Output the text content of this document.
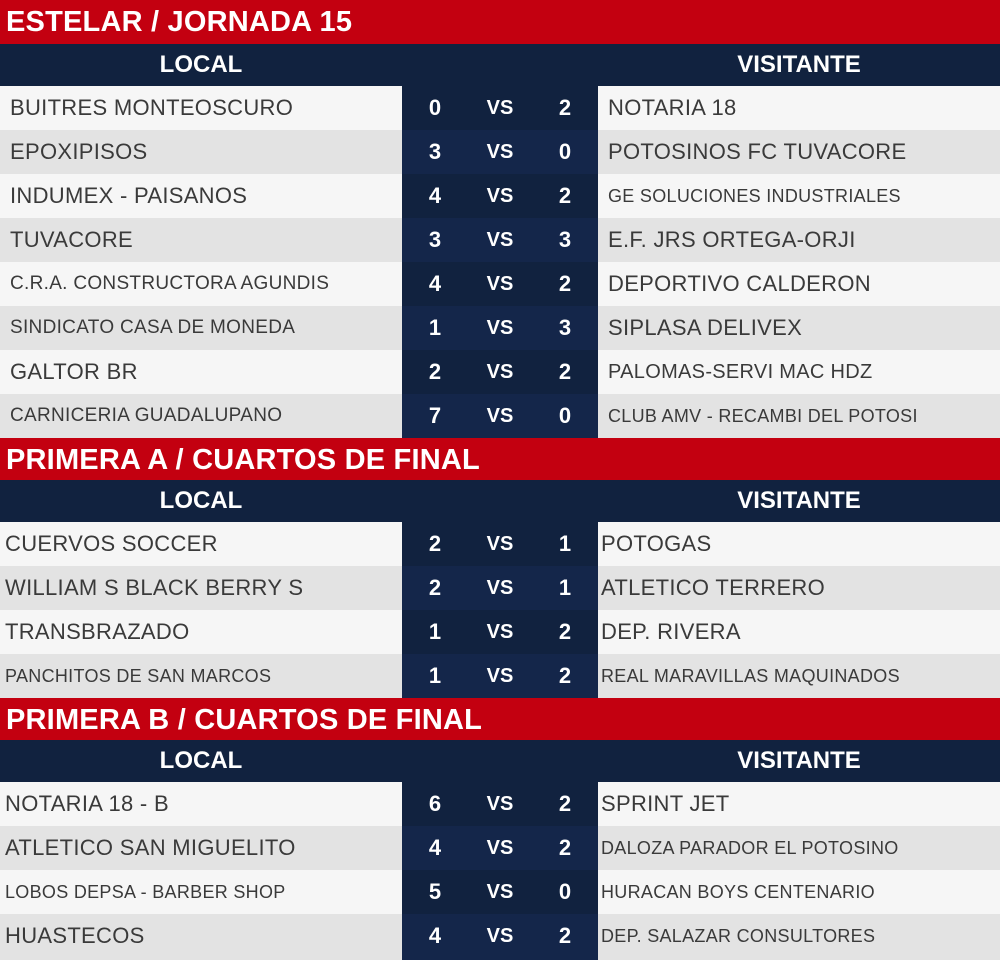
ESTELAR / JORNADA 15
LOCAL	VISITANTE
BUITRES MONTEOSCURO	0	VS	2	NOTARIA 18
EPOXIPISOS	3	VS	0	POTOSINOS FC TUVACORE
INDUMEX - PAISANOS	4	VS	2	GE SOLUCIONES INDUSTRIALES
TUVACORE	3	VS	3	E.F. JRS ORTEGA-ORJI
C.R.A. CONSTRUCTORA AGUNDIS	4	VS	2	DEPORTIVO CALDERON
SINDICATO CASA DE MONEDA	1	VS	3	SIPLASA DELIVEX
GALTOR BR	2	VS	2	PALOMAS-SERVI MAC HDZ
CARNICERIA GUADALUPANO	7	VS	0	CLUB AMV - RECAMBI DEL POTOSI
PRIMERA A / CUARTOS DE FINAL
LOCAL	VISITANTE
CUERVOS SOCCER	2	VS	1	POTOGAS
WILLIAM S BLACK BERRY S	2	VS	1	ATLETICO TERRERO
TRANSBRAZADO	1	VS	2	DEP. RIVERA
PANCHITOS DE SAN MARCOS	1	VS	2	REAL MARAVILLAS MAQUINADOS
PRIMERA B / CUARTOS DE FINAL
LOCAL	VISITANTE
NOTARIA 18 - B	6	VS	2	SPRINT JET
ATLETICO SAN MIGUELITO	4	VS	2	DALOZA PARADOR EL POTOSINO
LOBOS DEPSA - BARBER SHOP	5	VS	0	HURACAN BOYS CENTENARIO
HUASTECOS	4	VS	2	DEP. SALAZAR CONSULTORES
